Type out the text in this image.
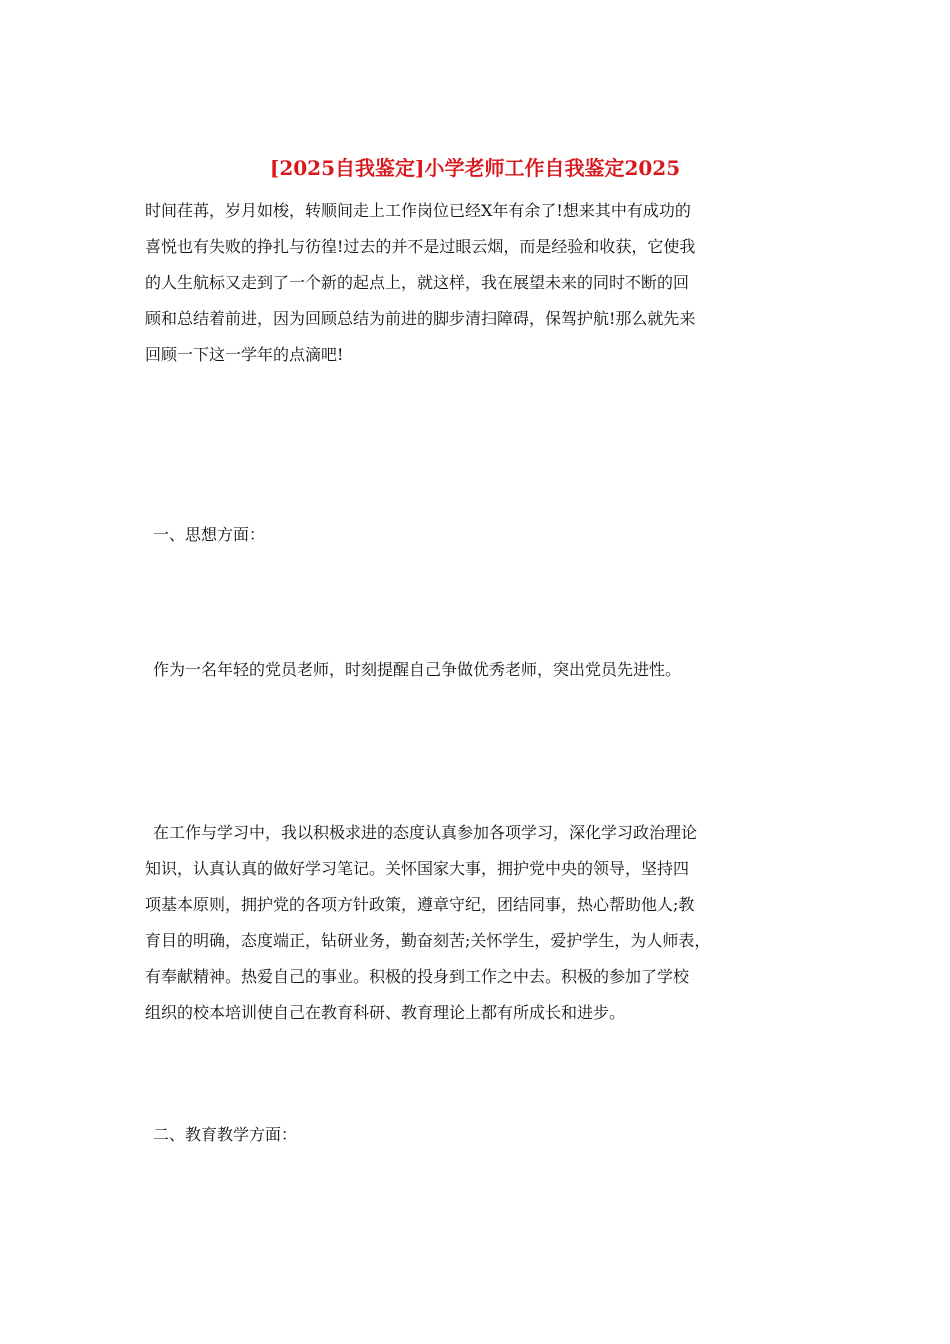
[2025自我鉴定]小学老师工作自我鉴定2025
时间荏苒，岁月如梭，转顺间走上工作岗位已经X年有余了!想来其中有成功的
喜悦也有失败的挣扎与彷徨!过去的并不是过眼云烟，而是经验和收获，它使我
的人生航标又走到了一个新的起点上，就这样，我在展望未来的同时不断的回
顾和总结着前进，因为回顾总结为前进的脚步清扫障碍，保驾护航!那么就先来
回顾一下这一学年的点滴吧!
一、思想方面：
作为一名年轻的党员老师，时刻提醒自己争做优秀老师，突出党员先进性。
在工作与学习中，我以积极求进的态度认真参加各项学习，深化学习政治理论
知识，认真认真的做好学习笔记。关怀国家大事，拥护党中央的领导，坚持四
项基本原则，拥护党的各项方针政策，遵章守纪，团结同事，热心帮助他人;教
育目的明确，态度端正，钻研业务，勤奋刻苦;关怀学生，爱护学生，为人师表，
有奉献精神。热爱自己的事业。积极的投身到工作之中去。积极的参加了学校
组织的校本培训使自己在教育科研、教育理论上都有所成长和进步。
二、教育教学方面：
